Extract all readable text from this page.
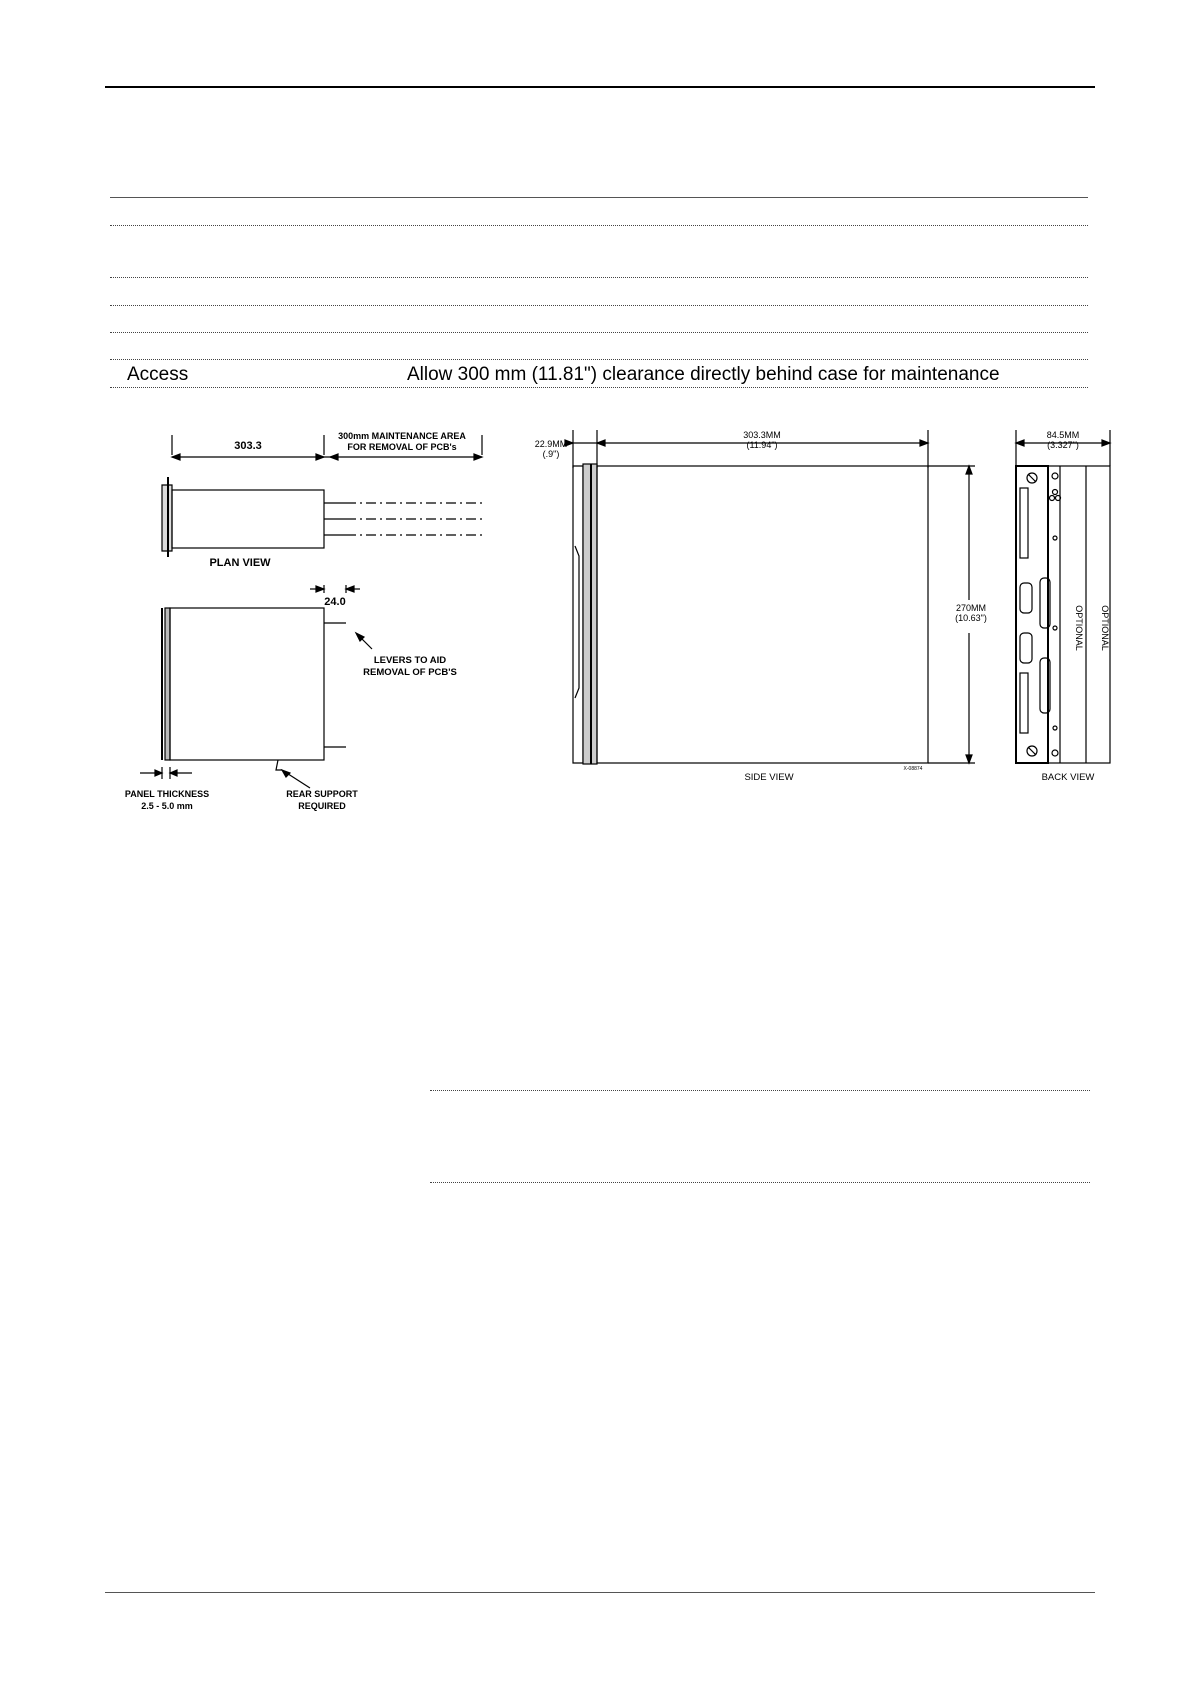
Access	Allow 300 mm (11.81") clearance directly behind case for maintenance
303.3
300mm MAINTENANCE AREA
FOR REMOVAL OF PCB's
PLAN VIEW
24.0
LEVERS TO AID
REMOVAL OF PCB'S
PANEL THICKNESS
2.5 - 5.0 mm
REAR SUPPORT
REQUIRED
22.9MM
(.9")
303.3MM
(11.94")
270MM
(10.63")
SIDE VIEW
X-08874
84.5MM
(3.327")
OPTIONAL OPTIONAL
BACK VIEW
